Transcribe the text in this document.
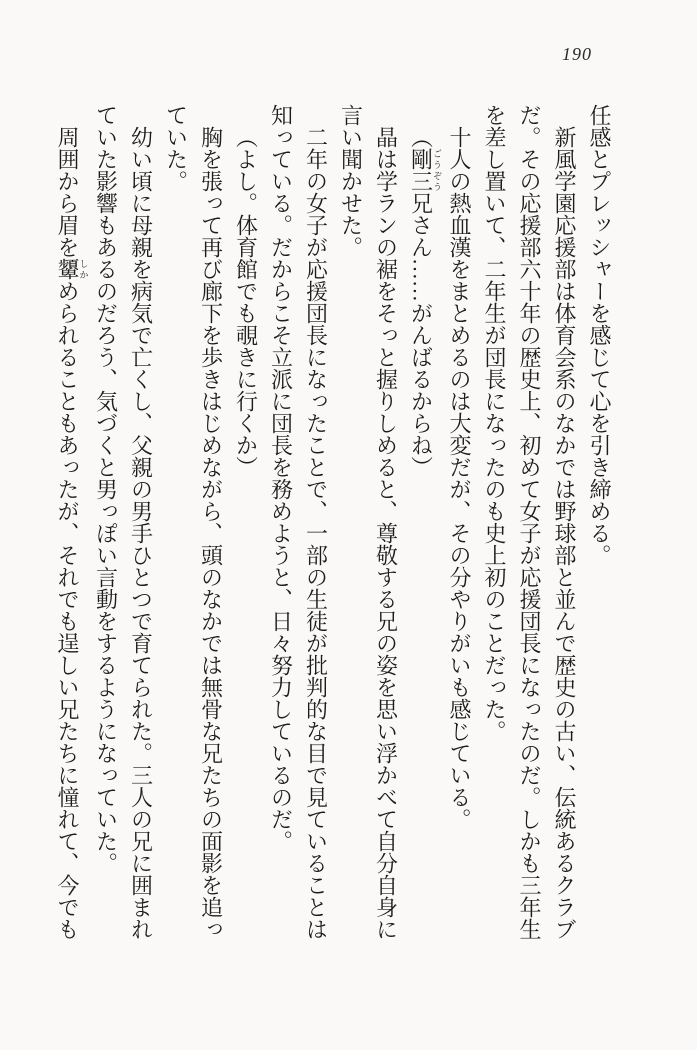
190

任感とプレッシャーを感じて心を引き締める。

新風学園応援部は体育会系のなかでは野球部と並んで歴史の古い、伝統あるクラブだ。その応援部六十年の歴史上、初めて女子が応援団長になったのだ。しかも三年生を差し置いて、二年生が団長になったのも史上初のことだった。

十人の熱血漢をまとめるのは大変だが、その分やりがいも感じている。

（剛三ごうぞう兄さん……がんばるからね）

晶は学ランの裾をそっと握りしめると、尊敬する兄の姿を思い浮かべて自分自身に言い聞かせた。

二年の女子が応援団長になったことで、一部の生徒が批判的な目で見ていることは知っている。だからこそ立派に団長を務めようと、日々努力しているのだ。

（よし。体育館でも覗きに行くか）

胸を張って再び廊下を歩きはじめながら、頭のなかでは無骨な兄たちの面影を追っていた。

幼い頃に母親を病気で亡くし、父親の男手ひとつで育てられた。三人の兄に囲まれていた影響もあるのだろう、気づくと男っぽい言動をするようになっていた。

周囲から眉を顰しかめられることもあったが、それでも逞しい兄たちに憧れて、今でも
